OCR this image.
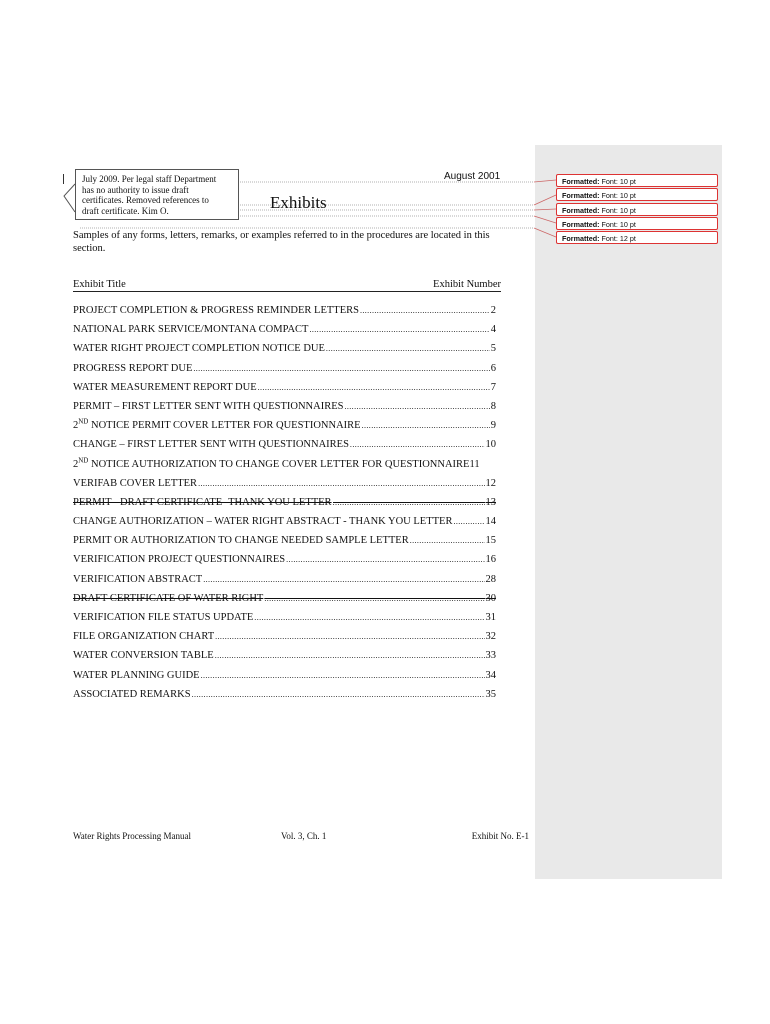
Formatted: Font: 10 pt
Formatted: Font: 10 pt
Formatted: Font: 10 pt
Formatted: Font: 10 pt
Formatted: Font: 12 pt
July 2009. Per legal staff Department
has no authority to issue draft
certificates. Removed references to
draft certificate. Kim O.
August 2001
Exhibits
Samples of any forms, letters, remarks, or examples referred to in the procedures are located in this section.
Exhibit Title	Exhibit Number
PROJECT COMPLETION & PROGRESS REMINDER LETTERS .....	2
NATIONAL PARK SERVICE/MONTANA COMPACT .....	4
WATER RIGHT PROJECT COMPLETION NOTICE DUE .....	5
PROGRESS REPORT DUE .....	6
WATER MEASUREMENT REPORT DUE .....	7
PERMIT – FIRST LETTER SENT WITH QUESTIONNAIRES .....	8
2ND NOTICE PERMIT COVER LETTER FOR QUESTIONNAIRE .....	9
CHANGE – FIRST LETTER SENT WITH QUESTIONNAIRES .....	10
2ND NOTICE AUTHORIZATION TO CHANGE COVER LETTER FOR QUESTIONNAIRE 11
VERIFAB COVER LETTER .....	12
PERMIT - DRAFT CERTIFICATE- THANK YOU LETTER .....	13
CHANGE AUTHORIZATION – WATER RIGHT ABSTRACT - THANK YOU LETTER .....	14
PERMIT OR AUTHORIZATION TO CHANGE NEEDED SAMPLE LETTER .....	15
VERIFICATION PROJECT QUESTIONNAIRES .....	16
VERIFICATION ABSTRACT .....	28
DRAFT CERTIFICATE OF WATER RIGHT .....	30
VERIFICATION FILE STATUS UPDATE .....	31
FILE ORGANIZATION CHART .....	32
WATER CONVERSION TABLE .....	33
WATER PLANNING GUIDE .....	34
ASSOCIATED REMARKS .....	35
Water Rights Processing Manual	Vol. 3, Ch. 1	Exhibit No. E-1
